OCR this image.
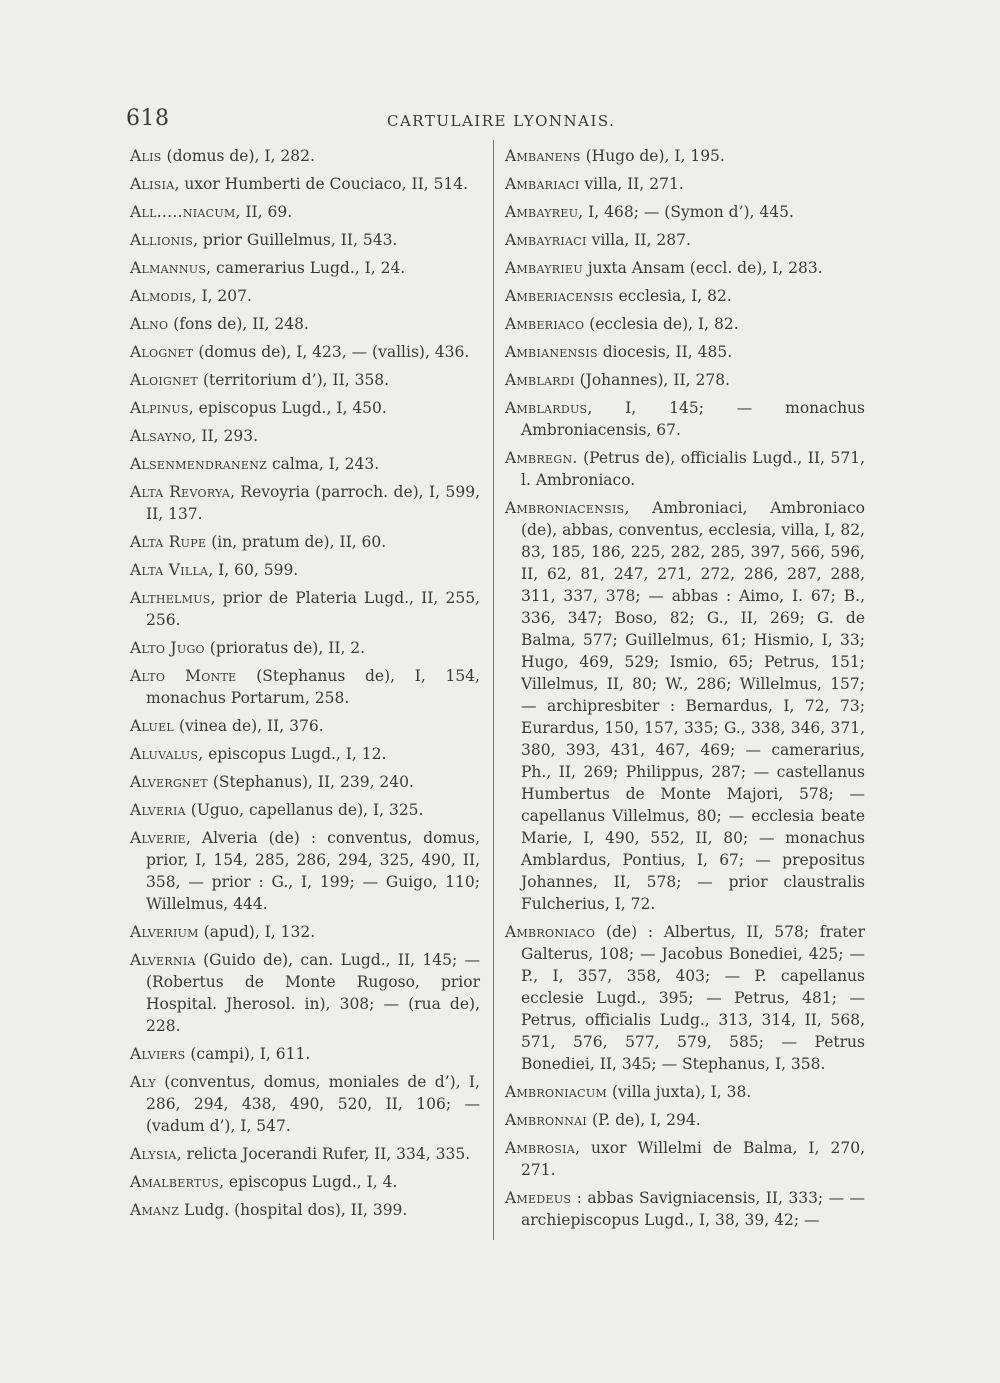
618	CARTULAIRE LYONNAIS.
Alis (domus de), I, 282.
Alisia, uxor Humberti de Couciaco, II, 514.
All.....niacum, II, 69.
Allionis, prior Guillelmus, II, 543.
Almannus, camerarius Lugd., I, 24.
Almodis, I, 207.
Alno (fons de), II, 248.
Alognet (domus de), I, 423, — (vallis), 436.
Aloignet (territorium d’), II, 358.
Alpinus, episcopus Lugd., I, 450.
Alsayno, II, 293.
Alsenmendranenz calma, I, 243.
Alta Revorya, Revoyria (parroch. de), I, 599, II, 137.
Alta Rupe (in, pratum de), II, 60.
Alta Villa, I, 60, 599.
Althelmus, prior de Plateria Lugd., II, 255, 256.
Alto Jugo (prioratus de), II, 2.
Alto Monte (Stephanus de), I, 154, monachus Portarum, 258.
Aluel (vinea de), II, 376.
Aluvalus, episcopus Lugd., I, 12.
Alvergnet (Stephanus), II, 239, 240.
Alveria (Uguo, capellanus de), I, 325.
Alverie, Alveria (de) : conventus, domus, prior, I, 154, 285, 286, 294, 325, 490, II, 358, — prior : G., I, 199; — Guigo, 110; Willelmus, 444.
Alverium (apud), I, 132.
Alvernia (Guido de), can. Lugd., II, 145; — (Robertus de Monte Rugoso, prior Hospital. Jherosol. in), 308; — (rua de), 228.
Alviers (campi), I, 611.
Aly (conventus, domus, moniales de d’), I, 286, 294, 438, 490, 520, II, 106; — (vadum d’), I, 547.
Alysia, relicta Jocerandi Rufer, II, 334, 335.
Amalbertus, episcopus Lugd., I, 4.
Amanz Ludg. (hospital dos), II, 399.
Ambanens (Hugo de), I, 195.
Ambariaci villa, II, 271.
Ambayreu, I, 468; — (Symon d’), 445.
Ambayriaci villa, II, 287.
Ambayrieu juxta Ansam (eccl. de), I, 283.
Amberiacensis ecclesia, I, 82.
Amberiaco (ecclesia de), I, 82.
Ambianensis diocesis, II, 485.
Amblardi (Johannes), II, 278.
Amblardus, I, 145; — monachus Ambroniacensis, 67.
Ambregn. (Petrus de), officialis Lugd., II, 571, l. Ambroniaco.
Ambroniacensis, Ambroniaci, Ambroniaco (de), abbas, conventus, ecclesia, villa, I, 82, 83, 185, 186, 225, 282, 285, 397, 566, 596, II, 62, 81, 247, 271, 272, 286, 287, 288, 311, 337, 378; — abbas : Aimo, I. 67; B., 336, 347; Boso, 82; G., II, 269; G. de Balma, 577; Guillelmus, 61; Hismio, I, 33; Hugo, 469, 529; Ismio, 65; Petrus, 151; Villelmus, II, 80; W., 286; Willelmus, 157; — archipresbiter : Bernardus, I, 72, 73; Eurardus, 150, 157, 335; G., 338, 346, 371, 380, 393, 431, 467, 469; — camerarius, Ph., II, 269; Philippus, 287; — castellanus Humbertus de Monte Majori, 578; — capellanus Villelmus, 80; — ecclesia beate Marie, I, 490, 552, II, 80; — monachus Amblardus, Pontius, I, 67; — prepositus Johannes, II, 578; — prior claustralis Fulcherius, I, 72.
Ambroniaco (de) : Albertus, II, 578; frater Galterus, 108; — Jacobus Bonediei, 425; — P., I, 357, 358, 403; — P. capellanus ecclesie Lugd., 395; — Petrus, 481; — Petrus, officialis Ludg., 313, 314, II, 568, 571, 576, 577, 579, 585; — Petrus Bonediei, II, 345; — Stephanus, I, 358.
Ambroniacum (villa juxta), I, 38.
Ambronnai (P. de), I, 294.
Ambrosia, uxor Willelmi de Balma, I, 270, 271.
Amedeus : abbas Savigniacensis, II, 333; — — archiepiscopus Lugd., I, 38, 39, 42; —
